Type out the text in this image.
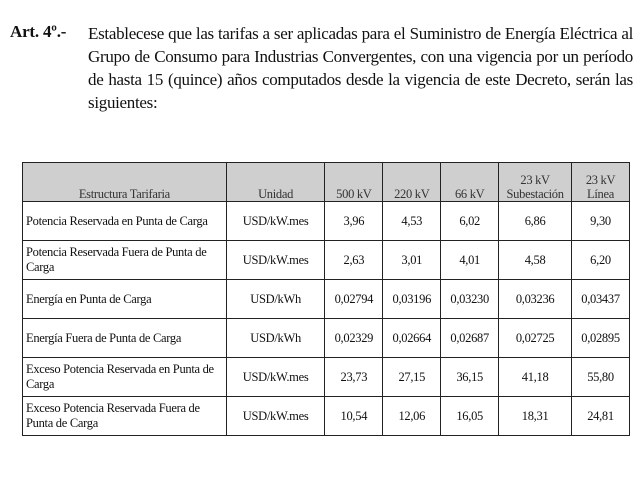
Art. 4º.- Establecese que las tarifas a ser aplicadas para el Suministro de Energía Eléctrica al Grupo de Consumo para Industrias Convergentes, con una vigencia por un período de hasta 15 (quince) años computados desde la vigencia de este Decreto, serán las siguientes:
Estructura Tarifaria	Unidad	500 kV	220 kV	66 kV	23 kV Subestación	23 kV Línea
Potencia Reservada en Punta de Carga	USD/kW.mes	3,96	4,53	6,02	6,86	9,30
Potencia Reservada Fuera de Punta de Carga	USD/kW.mes	2,63	3,01	4,01	4,58	6,20
Energía en Punta de Carga	USD/kWh	0,02794	0,03196	0,03230	0,03236	0,03437
Energía Fuera de Punta de Carga	USD/kWh	0,02329	0,02664	0,02687	0,02725	0,02895
Exceso Potencia Reservada en Punta de Carga	USD/kW.mes	23,73	27,15	36,15	41,18	55,80
Exceso Potencia Reservada Fuera de Punta de Carga	USD/kW.mes	10,54	12,06	16,05	18,31	24,81
